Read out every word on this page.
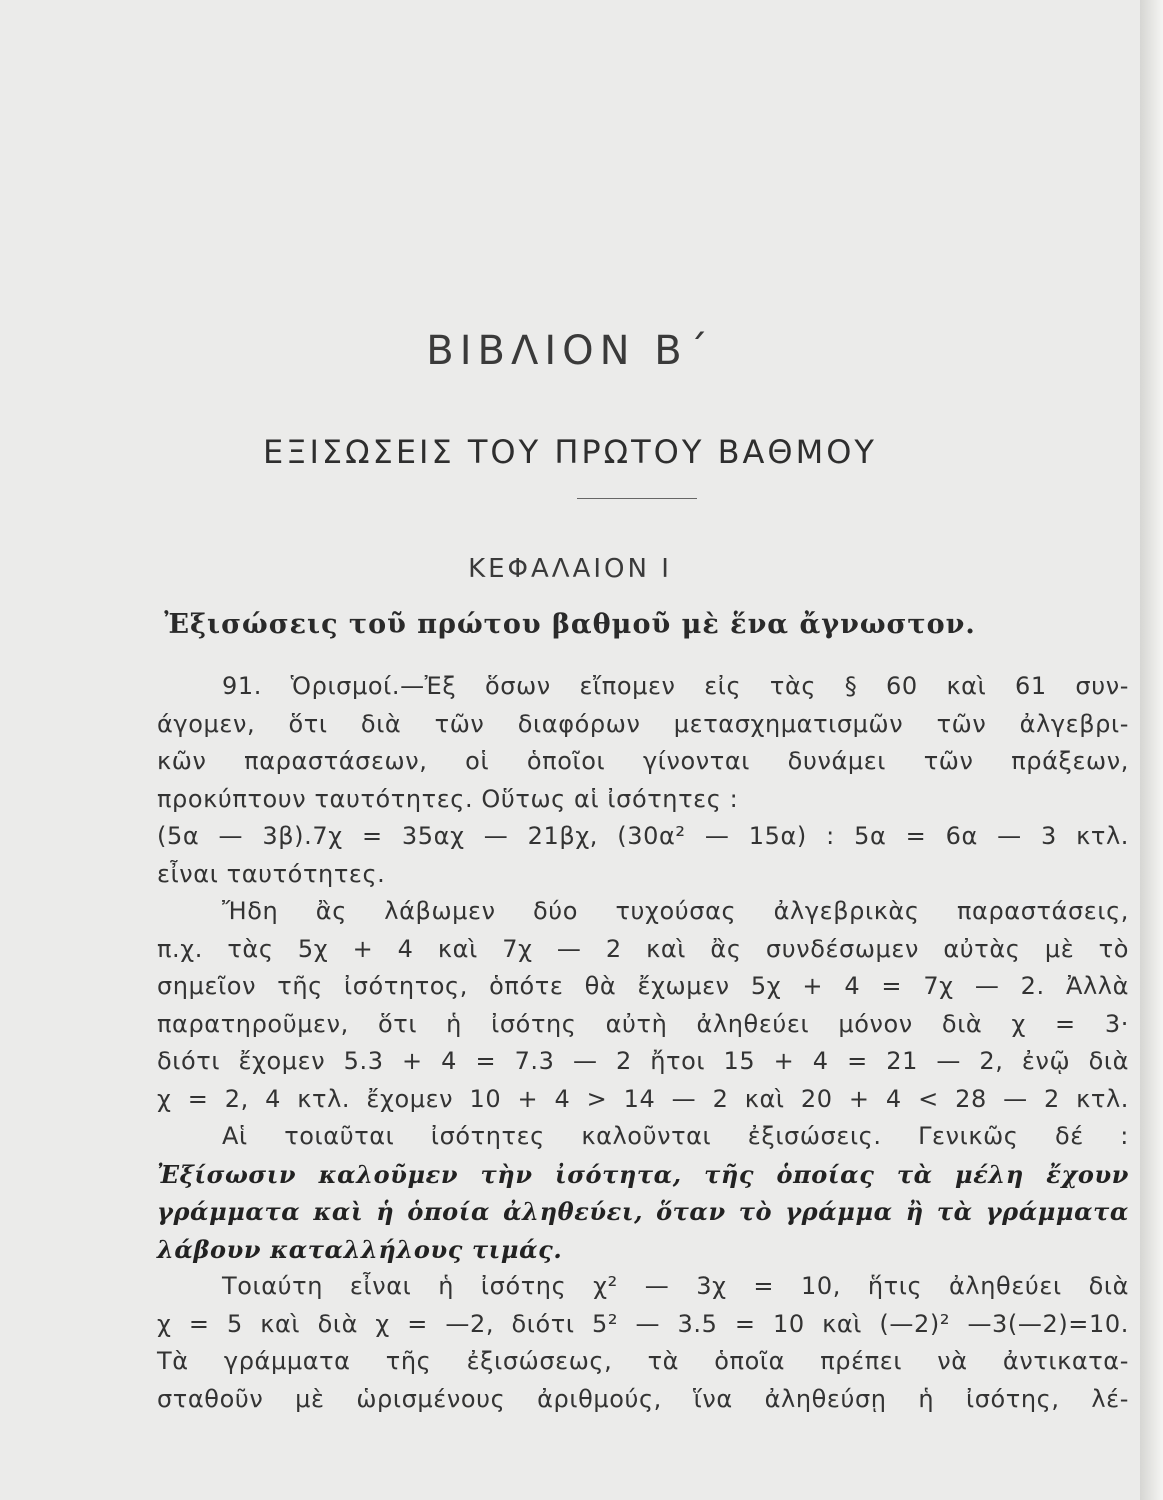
ΒΙΒΛΙΟΝ Β΄
ΕΞΙΣΩΣΕΙΣ ΤΟΥ ΠΡΩΤΟΥ ΒΑΘΜΟΥ
ΚΕΦΑΛΑΙΟΝ Ι
Ἐξισώσεις τοῦ πρώτου βαθμοῦ μὲ ἕνα ἄγνωστον.
91. Ὁρισμοί.—Ἐξ ὅσων εἴπομεν εἰς τὰς § 60 καὶ 61 συν-
άγομεν, ὅτι διὰ τῶν διαφόρων μετασχηματισμῶν τῶν ἀλγεβρι-
κῶν παραστάσεων, οἱ ὁποῖοι γίνονται δυνάμει τῶν πράξεων,
προκύπτουν ταυτότητες. Οὕτως αἱ ἰσότητες :
(5α — 3β).7χ = 35αχ — 21βχ, (30α² — 15α) : 5α = 6α — 3 κτλ.
εἶναι ταυτότητες.
Ἤδη ἂς λάβωμεν δύο τυχούσας ἀλγεβρικὰς παραστάσεις,
π.χ. τὰς 5χ + 4 καὶ 7χ — 2 καὶ ἂς συνδέσωμεν αὐτὰς μὲ τὸ
σημεῖον τῆς ἰσότητος, ὁπότε θὰ ἔχωμεν 5χ + 4 = 7χ — 2. Ἀλλὰ
παρατηροῦμεν, ὅτι ἡ ἰσότης αὐτὴ ἀληθεύει μόνον διὰ χ = 3·
διότι ἔχομεν 5.3 + 4 = 7.3 — 2 ἤτοι 15 + 4 = 21 — 2, ἐνῷ διὰ
χ = 2, 4 κτλ. ἔχομεν 10 + 4 > 14 — 2 καὶ 20 + 4 < 28 — 2 κτλ.
Αἱ τοιαῦται ἰσότητες καλοῦνται ἐξισώσεις. Γενικῶς δέ :
Ἐξίσωσιν καλοῦμεν τὴν ἰσότητα, τῆς ὁποίας τὰ μέλη ἔχουν
γράμματα καὶ ἡ ὁποία ἀληθεύει, ὅταν τὸ γράμμα ἢ τὰ γράμματα
λάβουν καταλλήλους τιμάς.
Τοιαύτη εἶναι ἡ ἰσότης χ² — 3χ = 10, ἥτις ἀληθεύει διὰ
χ = 5 καὶ διὰ χ = —2, διότι 5² — 3.5 = 10 καὶ (—2)² —3(—2)=10.
Τὰ γράμματα τῆς ἐξισώσεως, τὰ ὁποῖα πρέπει νὰ ἀντικατα-
σταθοῦν μὲ ὡρισμένους ἀριθμούς, ἵνα ἀληθεύσῃ ἡ ἰσότης, λέ-
